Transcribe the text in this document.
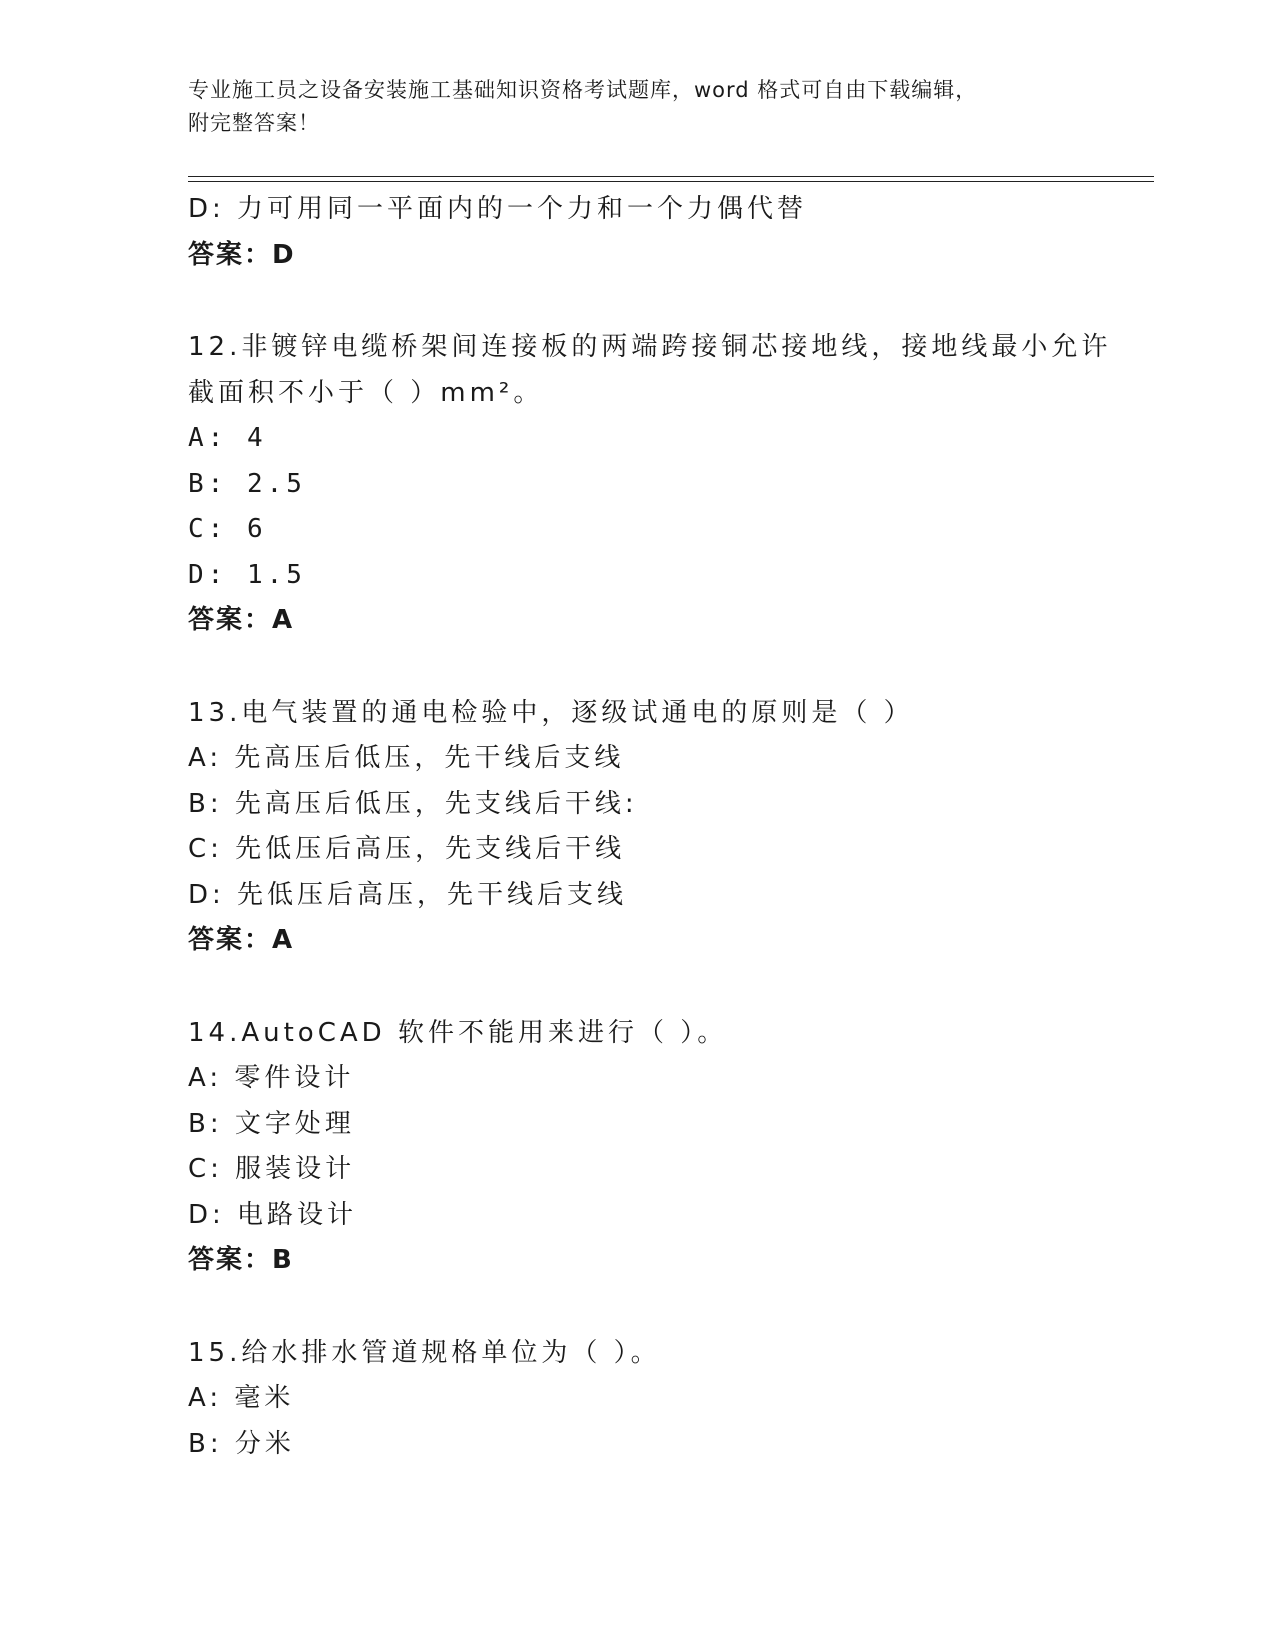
专业施工员之设备安装施工基础知识资格考试题库，word 格式可自由下载编辑，
附完整答案！
D: 力可用同一平面内的一个力和一个力偶代替
答案：D
12.非镀锌电缆桥架间连接板的两端跨接铜芯接地线，接地线最小允许
截面积不小于（ ）mm²。
A: 4
B: 2.5
C: 6
D: 1.5
答案：A
13.电气装置的通电检验中，逐级试通电的原则是（ ）
A: 先高压后低压，先干线后支线
B: 先高压后低压，先支线后干线:
C: 先低压后高压，先支线后干线
D: 先低压后高压，先干线后支线
答案：A
14.AutoCAD 软件不能用来进行（ ）。
A: 零件设计
B: 文字处理
C: 服装设计
D: 电路设计
答案：B
15.给水排水管道规格单位为（ ）。
A: 毫米
B: 分米
